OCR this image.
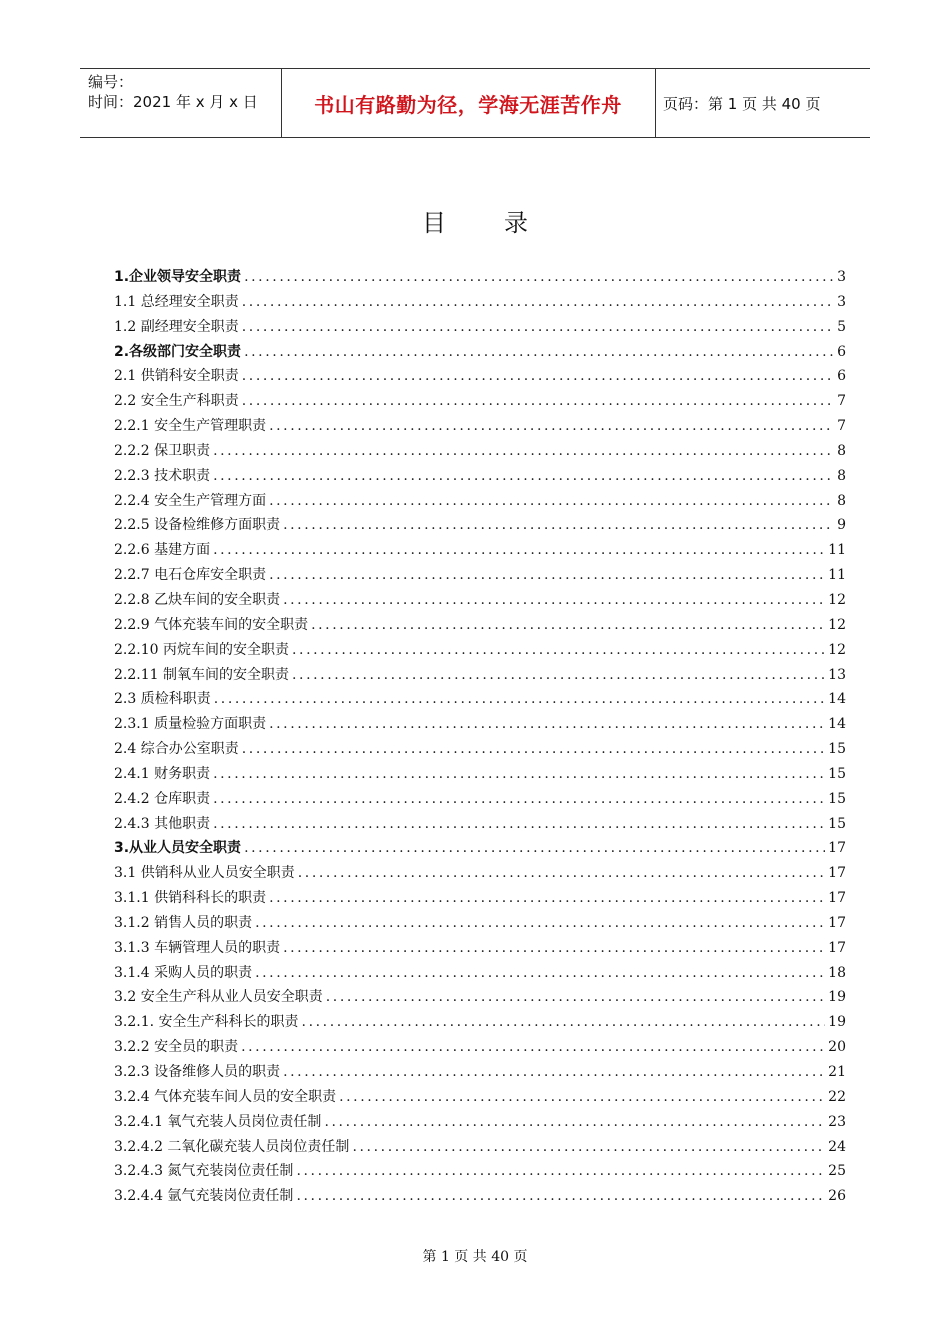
编号：
时间：2021 年 x 月 x 日	书山有路勤为径，学海无涯苦作舟	页码：第 1 页 共 40 页
目录
1.企业领导安全职责 .....	3
1.1 总经理安全职责 .....	3
1.2 副经理安全职责 .....	5
2.各级部门安全职责 .....	6
2.1 供销科安全职责 .....	6
2.2 安全生产科职责 .....	7
2.2.1 安全生产管理职责 .....	7
2.2.2 保卫职责 .....	8
2.2.3 技术职责 .....	8
2.2.4 安全生产管理方面 .....	8
2.2.5 设备检维修方面职责 .....	9
2.2.6 基建方面 .....	11
2.2.7 电石仓库安全职责 .....	11
2.2.8 乙炔车间的安全职责 .....	12
2.2.9 气体充装车间的安全职责 .....	12
2.2.10 丙烷车间的安全职责 .....	12
2.2.11 制氧车间的安全职责 .....	13
2.3 质检科职责 .....	14
2.3.1 质量检验方面职责 .....	14
2.4 综合办公室职责 .....	15
2.4.1 财务职责 .....	15
2.4.2 仓库职责 .....	15
2.4.3 其他职责 .....	15
3.从业人员安全职责 .....	17
3.1 供销科从业人员安全职责 .....	17
3.1.1 供销科科长的职责 .....	17
3.1.2 销售人员的职责 .....	17
3.1.3 车辆管理人员的职责 .....	17
3.1.4 采购人员的职责 .....	18
3.2 安全生产科从业人员安全职责 .....	19
3.2.1. 安全生产科科长的职责 .....	19
3.2.2 安全员的职责 .....	20
3.2.3 设备维修人员的职责 .....	21
3.2.4 气体充装车间人员的安全职责 .....	22
3.2.4.1 氧气充装人员岗位责任制 .....	23
3.2.4.2 二氧化碳充装人员岗位责任制 .....	24
3.2.4.3 氮气充装岗位责任制 .....	25
3.2.4.4 氩气充装岗位责任制 .....	26
第 1 页 共 40 页
